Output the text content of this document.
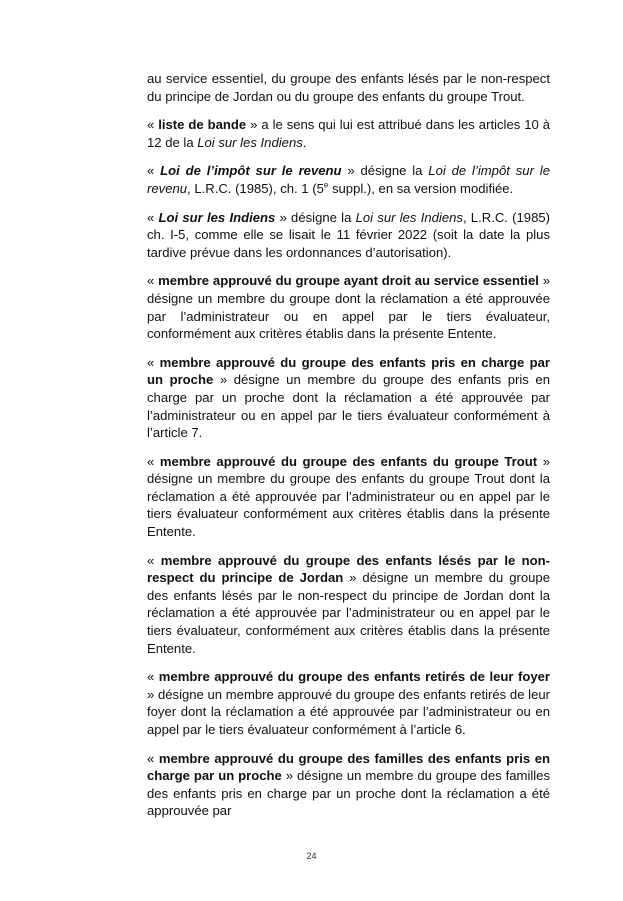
au service essentiel, du groupe des enfants lésés par le non-respect du principe de Jordan ou du groupe des enfants du groupe Trout.

« liste de bande » a le sens qui lui est attribué dans les articles 10 à 12 de la Loi sur les Indiens.

« Loi de l’impôt sur le revenu » désigne la Loi de l’impôt sur le revenu, L.R.C. (1985), ch. 1 (5e suppl.), en sa version modifiée.

« Loi sur les Indiens » désigne la Loi sur les Indiens, L.R.C. (1985) ch. I-5, comme elle se lisait le 11 février 2022 (soit la date la plus tardive prévue dans les ordonnances d’autorisation).

« membre approuvé du groupe ayant droit au service essentiel » désigne un membre du groupe dont la réclamation a été approuvée par l’administrateur ou en appel par le tiers évaluateur, conformément aux critères établis dans la présente Entente.

« membre approuvé du groupe des enfants pris en charge par un proche » désigne un membre du groupe des enfants pris en charge par un proche dont la réclamation a été approuvée par l’administrateur ou en appel par le tiers évaluateur conformément à l’article 7.

« membre approuvé du groupe des enfants du groupe Trout » désigne un membre du groupe des enfants du groupe Trout dont la réclamation a été approuvée par l’administrateur ou en appel par le tiers évaluateur conformément aux critères établis dans la présente Entente.

« membre approuvé du groupe des enfants lésés par le non-respect du principe de Jordan » désigne un membre du groupe des enfants lésés par le non-respect du principe de Jordan dont la réclamation a été approuvée par l’administrateur ou en appel par le tiers évaluateur, conformément aux critères établis dans la présente Entente.

« membre approuvé du groupe des enfants retirés de leur foyer » désigne un membre approuvé du groupe des enfants retirés de leur foyer dont la réclamation a été approuvée par l’administrateur ou en appel par le tiers évaluateur conformément à l’article 6.

« membre approuvé du groupe des familles des enfants pris en charge par un proche » désigne un membre du groupe des familles des enfants pris en charge par un proche dont la réclamation a été approuvée par

24
